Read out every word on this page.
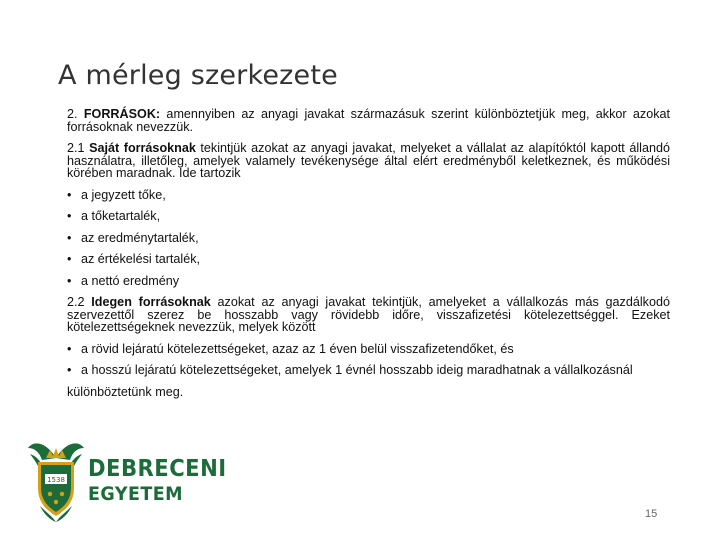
A mérleg szerkezete

2. FORRÁSOK: amennyiben az anyagi javakat származásuk szerint különböztetjük meg, akkor azokat forrásoknak nevezzük.

2.1 Saját forrásoknak tekintjük azokat az anyagi javakat, melyeket a vállalat az alapítóktól kapott állandó használatra, illetőleg, amelyek valamely tevékenysége által elért eredményből keletkeznek, és működési körében maradnak. Ide tartozik

• a jegyzett tőke,
• a tőketartalék,
• az eredménytartalék,
• az értékelési tartalék,
• a nettó eredmény

2.2 Idegen forrásoknak azokat az anyagi javakat tekintjük, amelyeket a vállalkozás más gazdálkodó szervezettől szerez be hosszabb vagy rövidebb időre, visszafizetési kötelezettséggel. Ezeket kötelezettségeknek nevezzük, melyek között

• a rövid lejáratú kötelezettségeket, azaz az 1 éven belül visszafizetendőket, és
• a hosszú lejáratú kötelezettségeket, amelyek 1 évnél hosszabb ideig maradhatnak a vállalkozásnál

különböztetünk meg.

1538 DEBRECENI
EGYETEM
15
